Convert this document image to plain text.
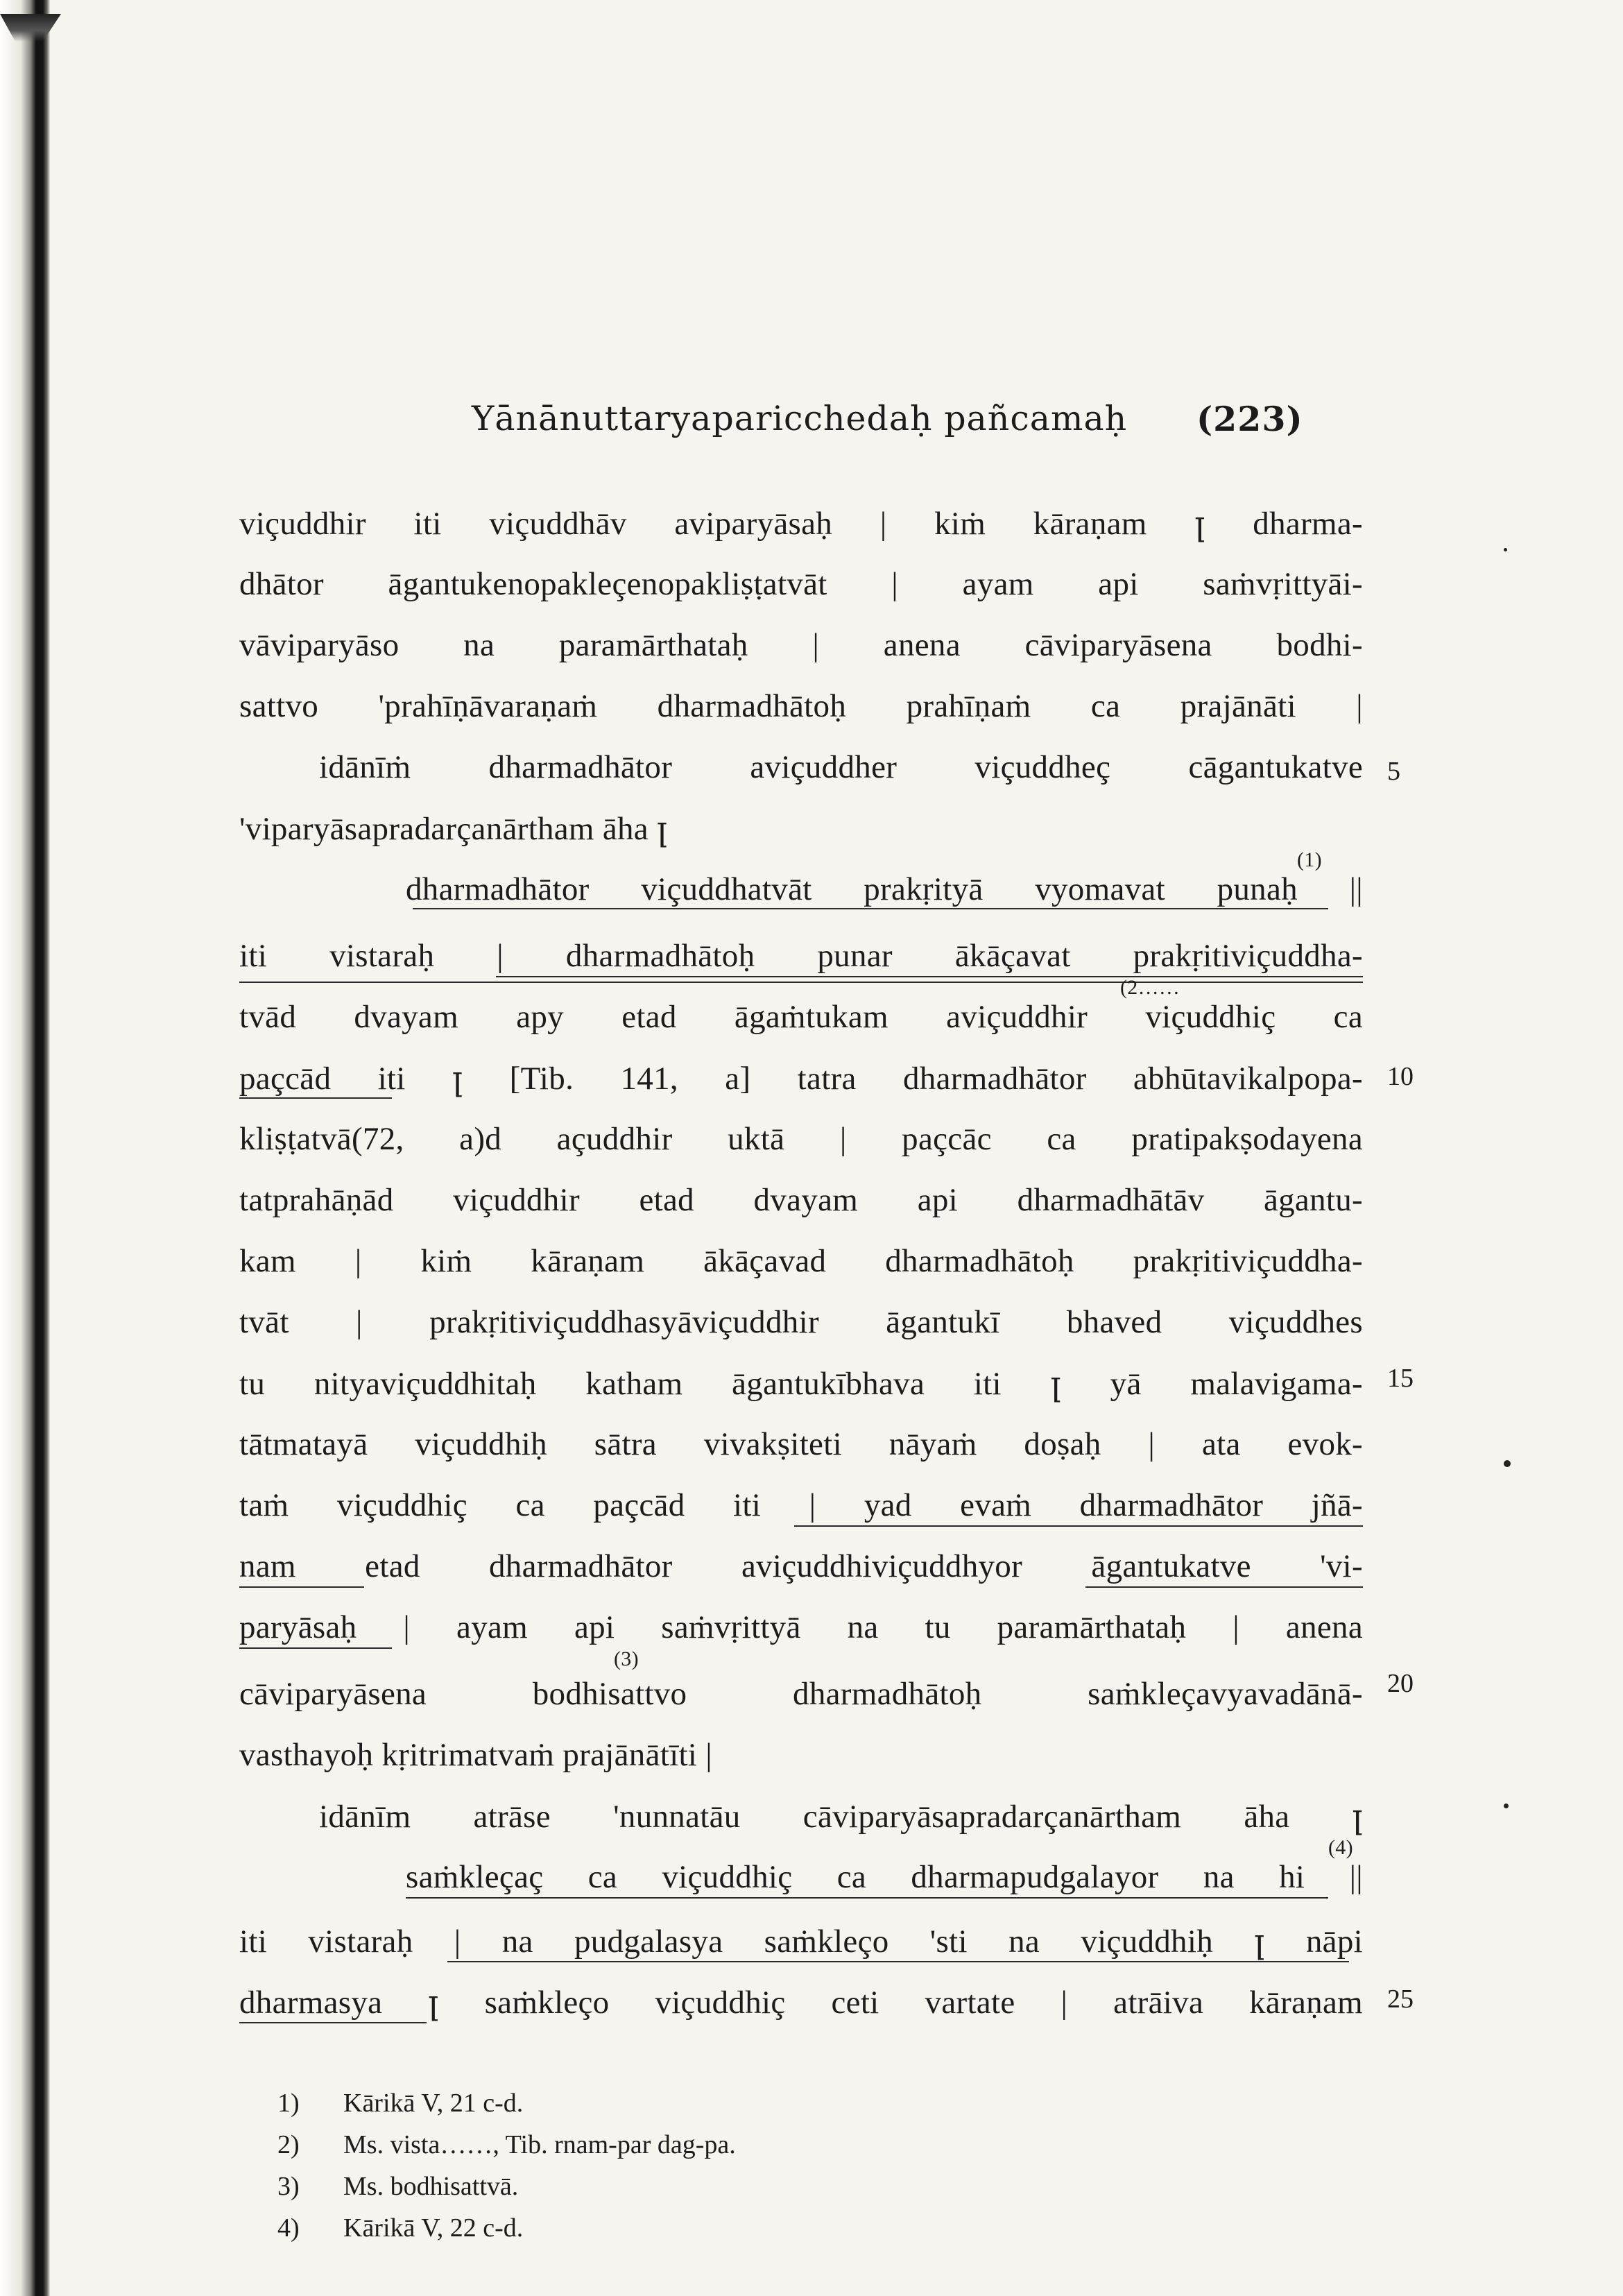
Yānānuttaryaparicchedaḥ pañcamaḥ (223)
viçuddhir iti viçuddhāv aviparyāsaḥ | kiṁ kāraṇam ꞁ dharma-
dhātor āgantukenopakleçenopakliṣṭatvāt | ayam api saṁvṛittyāi-
vāviparyāso na paramārthataḥ | anena cāviparyāsena bodhi-
sattvo 'prahīṇāvaraṇaṁ dharmadhātoḥ prahīṇaṁ ca prajānāti |
idānīṁ dharmadhātor aviçuddher viçuddheç cāgantukatve
'viparyāsapradarçanārtham āha ꞁ
dharmadhātor viçuddhatvāt prakṛityā vyomavat punaḥ ||
iti vistaraḥ | dharmadhātoḥ punar ākāçavat prakṛitiviçuddha-
tvād dvayam apy etad āgaṁtukam aviçuddhir viçuddhiç ca
paçcād iti ꞁ [Tib. 141, a] tatra dharmadhātor abhūtavikalpopa-
kliṣṭatvā(72, a)d açuddhir uktā | paçcāc ca pratipakṣodayena
tatprahāṇād viçuddhir etad dvayam api dharmadhātāv āgantu-
kam | kiṁ kāraṇam ākāçavad dharmadhātoḥ prakṛitiviçuddha-
tvāt | prakṛitiviçuddhasyāviçuddhir āgantukī bhaved viçuddhes
tu nityaviçuddhitaḥ katham āgantukībhava iti ꞁ yā malavigama-
tātmatayā viçuddhiḥ sātra vivakṣiteti nāyaṁ doṣaḥ | ata evok-
taṁ viçuddhiç ca paçcād iti | yad evaṁ dharmadhātor jñā-
nam etad dharmadhātor aviçuddhiviçuddhyor āgantukatve 'vi-
paryāsaḥ | ayam api saṁvṛittyā na tu paramārthataḥ | anena
cāviparyāsena bodhisattvo dharmadhātoḥ saṁkleçavyavadānā-
vasthayoḥ kṛitrimatvaṁ prajānātīti |
idānīm atrāse 'nunnatāu cāviparyāsapradarçanārtham āha ꞁ
saṁkleçaç ca viçuddhiç ca dharmapudgalayor na hi ||
iti vistaraḥ | na pudgalasya saṁkleço 'sti na viçuddhiḥ ꞁ nāpi
dharmasya ꞁ saṁkleço viçuddhiç ceti vartate | atrāiva kāraṇam
(1)
(2……
(3)
(4)
5
10
15
20
25
1) Kārikā V, 21 c-d.
2) Ms. vista……, Tib. rnam-par dag-pa.
3) Ms. bodhisattvā.
4) Kārikā V, 22 c-d.
